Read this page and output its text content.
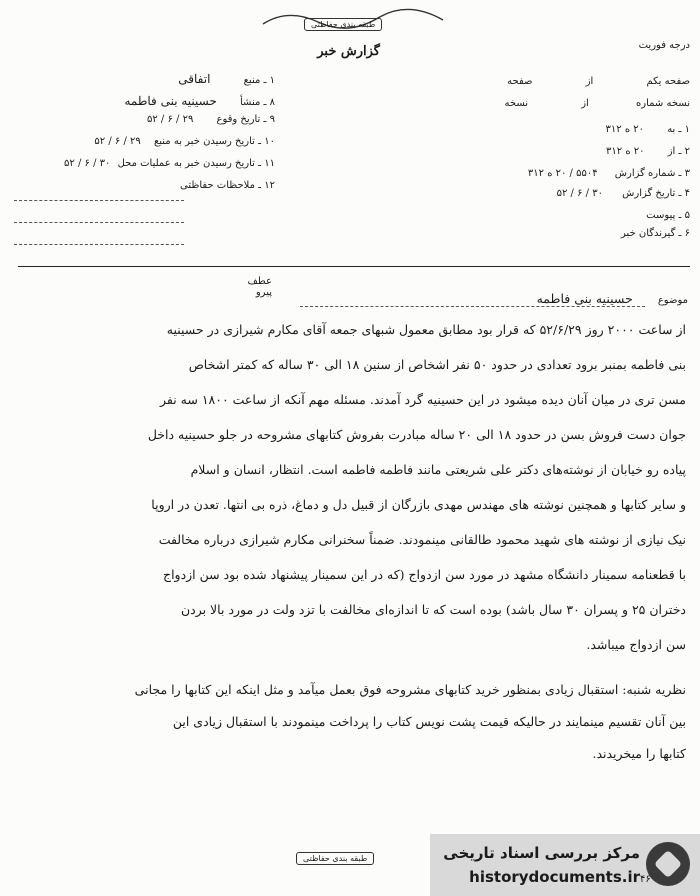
طبقه بندی حفاظتی
گزارش خبر	درجه فوریت
۱ ـ منبع اتفاقی
۸ ـ منشأ حسینیه بنی فاطمه
۹ ـ تاریخ وقوع ۲۹ / ۶ / ۵۲
۱۰ ـ تاریخ رسیدن خبر به منبع ۲۹ / ۶ / ۵۲
۱۱ ـ تاریخ رسیدن خبر به عملیات محل ۳۰ / ۶ / ۵۲
۱۲ ـ ملاحظات حفاظتی
صفحه یکم از صفحه
نسخه شماره از نسخه
۱ ـ به ۲۰ ه ۳۱۲
۲ ـ از ۲۰ ه ۳۱۲
۳ ـ شماره گزارش ۵۵۰۴ / ۲۰ ه ۳۱۲
۴ ـ تاریخ گزارش ۳۰ / ۶ / ۵۲
۵ ـ پیوست
۶ ـ گیرندگان خبر
عطف
پیرو
موضوع حسینیه بنی فاطمه
از ساعت ۲۰۰۰ روز ۵۲/۶/۲۹ که قرار بود مطابق معمول شبهای جمعه آقای مکارم شیرازی در حسینیه
بنی فاطمه بمنبر برود تعدادی در حدود ۵۰ نفر اشخاص از سنین ۱۸ الی ۳۰ ساله که کمتر اشخاص
مسن تری در میان آنان دیده میشود در این حسینیه گرد آمدند. مسئله مهم آنکه از ساعت ۱۸۰۰ سه نفر
جوان دست فروش بسن در حدود ۱۸ الی ۲۰ ساله مبادرت بفروش کتابهای مشروحه در جلو حسینیه داخل
پیاده رو خیابان از نوشته‌های دکتر علی شریعتی مانند فاطمه فاطمه است. انتظار، انسان و اسلام
و سایر کتابها و همچنین نوشته های مهندس مهدی بازرگان از قبیل دل و دماغ، ذره بی انتها. تعدن در اروپا
نیک نیازی از نوشته های شهید محمود طالقانی مینمودند. ضمناً سخنرانی مکارم شیرازی درباره مخالفت
با قطعنامه سمینار دانشگاه مشهد در مورد سن ازدواج (که در این سمینار پیشنهاد شده بود سن ازدواج
دختران ۲۵ و پسران ۳۰ سال باشد) بوده است که تا اندازه‌ای مخالفت با تزد ولت در مورد بالا بردن
سن ازدواج میباشد.
نظریه شنبه: استقبال زیادی بمنظور خرید کتابهای مشروحه فوق بعمل میآمد و مثل اینکه این کتابها را مجانی
بین آنان تقسیم مینمایند در حالیکه قیمت پشت نویس کتاب را پرداخت مینمودند با استقبال زیادی این
کتابها را میخریدند.
طبقه بندی حفاظتی	مرکز بررسی اسناد تاریخی
historydocuments.ir ۴۶
